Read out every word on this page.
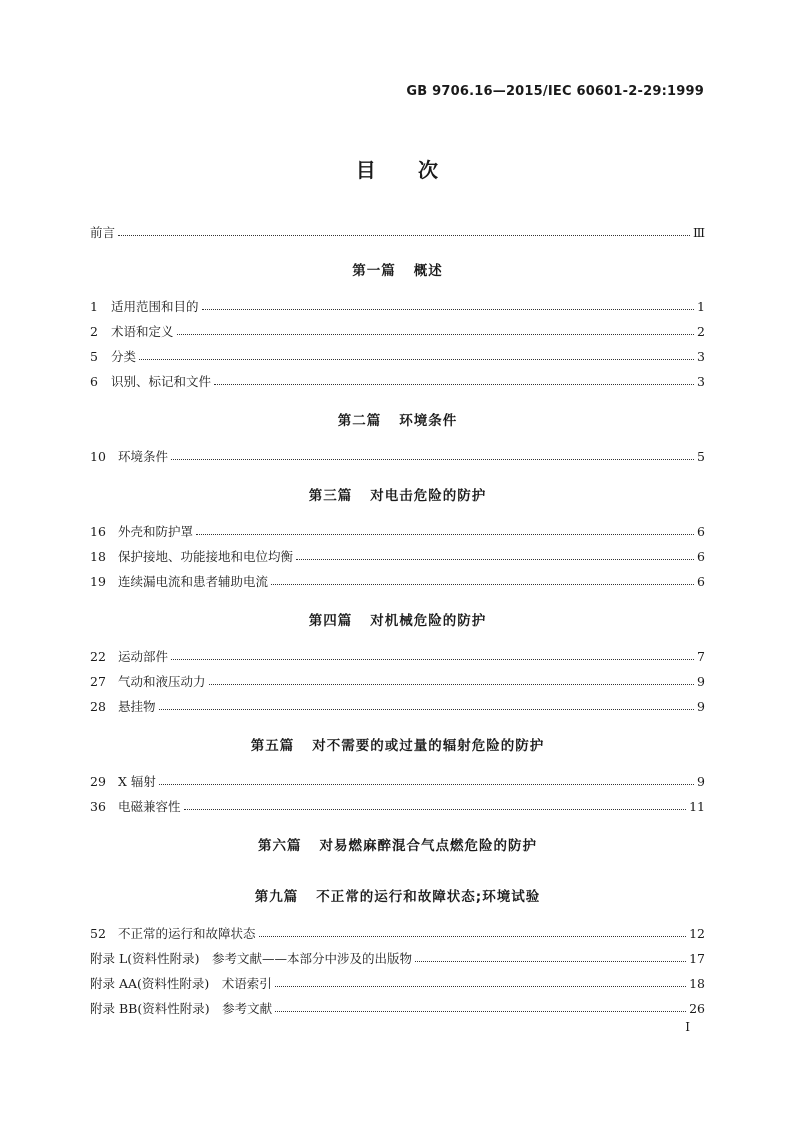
GB 9706.16—2015/IEC 60601-2-29:1999
目 次
前言	Ⅲ
第一篇 概述
1	适用范围和目的	1
2	术语和定义	2
5	分类	3
6	识别、标记和文件	3
第二篇 环境条件
10 环境条件	5
第三篇 对电击危险的防护
16 外壳和防护罩	6
18 保护接地、功能接地和电位均衡	6
19 连续漏电流和患者辅助电流	6
第四篇 对机械危险的防护
22 运动部件	7
27 气动和液压动力	9
28 悬挂物	9
第五篇 对不需要的或过量的辐射危险的防护
29 X 辐射	9
36 电磁兼容性	11
第六篇 对易燃麻醉混合气点燃危险的防护
第九篇 不正常的运行和故障状态;环境试验
52 不正常的运行和故障状态	12
附录 L(资料性附录)　参考文献——本部分中涉及的出版物	17
附录 AA(资料性附录)　术语索引	18
附录 BB(资料性附录)　参考文献	26
I
